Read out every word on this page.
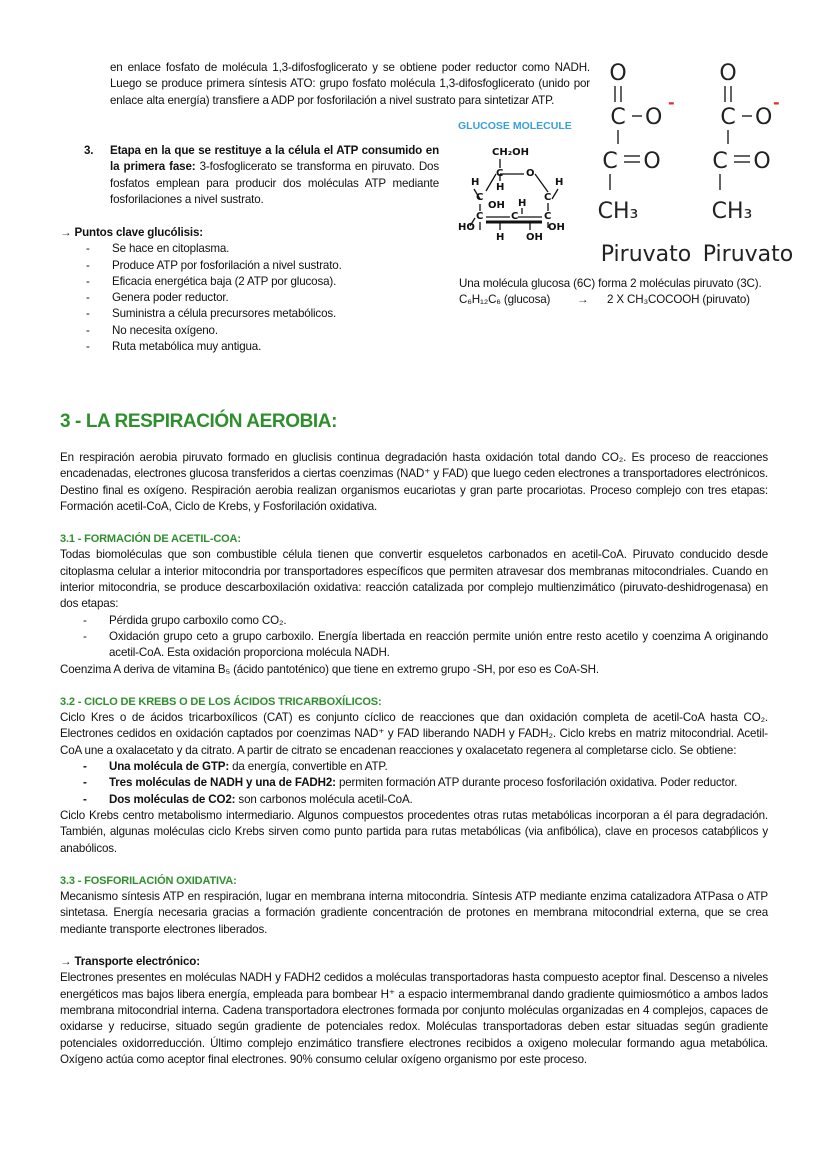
en enlace fosfato de molécula 1,3-difosfoglicerato y se obtiene poder reductor como NADH. Luego se produce primera síntesis ATO: grupo fosfato molécula 1,3-difosfoglicerato (unido por enlace alta energía) transfiere a ADP por fosforilación a nivel sustrato para sintetizar ATP.

3. Etapa en la que se restituye a la célula el ATP consumido en la primera fase: 3-fosfoglicerato se transforma en piruvato. Dos fosfatos emplean para producir dos moléculas ATP mediante fosforilaciones a nivel sustrato.

→ Puntos clave glucólisis:

- Se hace en citoplasma.
- Produce ATP por fosforilación a nivel sustrato.
- Eficacia energética baja (2 ATP por glucosa).
- Genera poder reductor.
- Suministra a célula precursores metabólicos.
- No necesita oxígeno.
- Ruta metabólica muy antigua.
GLUCOSE MOLECULE
CH₂OH
C O
H	H
H
C	C
OH H
C	C
C
HO	OH
H OH
O
C O
-
C O
CH₃
Piruvato
O
C O
-
C O
CH₃
Piruvato

Una molécula glucosa (6C) forma 2 moléculas piruvato (3C).

C₆H₁₂C₆ (glucosa) → 2 X CH₃COCOOH (piruvato)
3 - LA RESPIRACIÓN AEROBIA:

En respiración aerobia piruvato formado en gluclisis continua degradación hasta oxidación total dando CO₂. Es proceso de reacciones encadenadas, electrones glucosa transferidos a ciertas coenzimas (NAD⁺ y FAD) que luego ceden electrones a transportadores electrónicos. Destino final es oxígeno. Respiración aerobia realizan organismos eucariotas y gran parte procariotas. Proceso complejo con tres etapas: Formación acetil-CoA, Ciclo de Krebs, y Fosforilación oxidativa.

3.1 - FORMACIÓN DE ACETIL-COA:

Todas biomoléculas que son combustible célula tienen que convertir esqueletos carbonados en acetil-CoA. Piruvato conducido desde citoplasma celular a interior mitocondria por transportadores específicos que permiten atravesar dos membranas mitocondriales. Cuando en interior mitocondria, se produce descarboxilación oxidativa: reacción catalizada por complejo multienzimático (piruvato-deshidrogenasa) en dos etapas:

- Pérdida grupo carboxilo como CO₂.
- Oxidación grupo ceto a grupo carboxilo. Energía libertada en reacción permite unión entre resto acetilo y coenzima A originando acetil-CoA. Esta oxidación proporciona molécula NADH.

Coenzima A deriva de vitamina B₅ (ácido pantoténico) que tiene en extremo grupo -SH, por eso es CoA-SH.

3.2 - CICLO DE KREBS O DE LOS ÁCIDOS TRICARBOXÍLICOS:

Ciclo Kres o de ácidos tricarboxílicos (CAT) es conjunto cíclico de reacciones que dan oxidación completa de acetil-CoA hasta CO₂. Electrones cedidos en oxidación captados por coenzimas NAD⁺ y FAD liberando NADH y FADH₂. Ciclo krebs en matriz mitocondrial. Acetil-CoA une a oxalacetato y da citrato. A partir de citrato se encadenan reacciones y oxalacetato regenera al completarse ciclo. Se obtiene:

- Una molécula de GTP: da energía, convertible en ATP.
- Tres moléculas de NADH y una de FADH2: permiten formación ATP durante proceso fosforilación oxidativa. Poder reductor.
- Dos moléculas de CO2: son carbonos molécula acetil-CoA.

Ciclo Krebs centro metabolismo intermediario. Algunos compuestos procedentes otras rutas metabólicas incorporan a él para degradación. También, algunas moléculas ciclo Krebs sirven como punto partida para rutas metabólicas (via anfibólica), clave en procesos catabṕlicos y anabólicos.

3.3 - FOSFORILACIÓN OXIDATIVA:

Mecanismo síntesis ATP en respiración, lugar en membrana interna mitocondria. Síntesis ATP mediante enzima catalizadora ATPasa o ATP sintetasa. Energía necesaria gracias a formación gradiente concentración de protones en membrana mitocondrial externa, que se crea mediante transporte electrones liberados.

→ Transporte electrónico:

Electrones presentes en moléculas NADH y FADH2 cedidos a moléculas transportadoras hasta compuesto aceptor final. Descenso a niveles energéticos mas bajos libera energía, empleada para bombear H⁺ a espacio intermembranal dando gradiente quimiosmótico a ambos lados membrana mitocondrial interna. Cadena transportadora electrones formada por conjunto moléculas organizadas en 4 complejos, capaces de oxidarse y reducirse, situado según gradiente de potenciales redox. Moléculas transportadoras deben estar situadas según gradiente potenciales oxidorreducción. Último complejo enzimático transfiere electrones recibidos a oxigeno molecular formando agua metabólica. Oxígeno actúa como aceptor final electrones. 90% consumo celular oxígeno organismo por este proceso.
